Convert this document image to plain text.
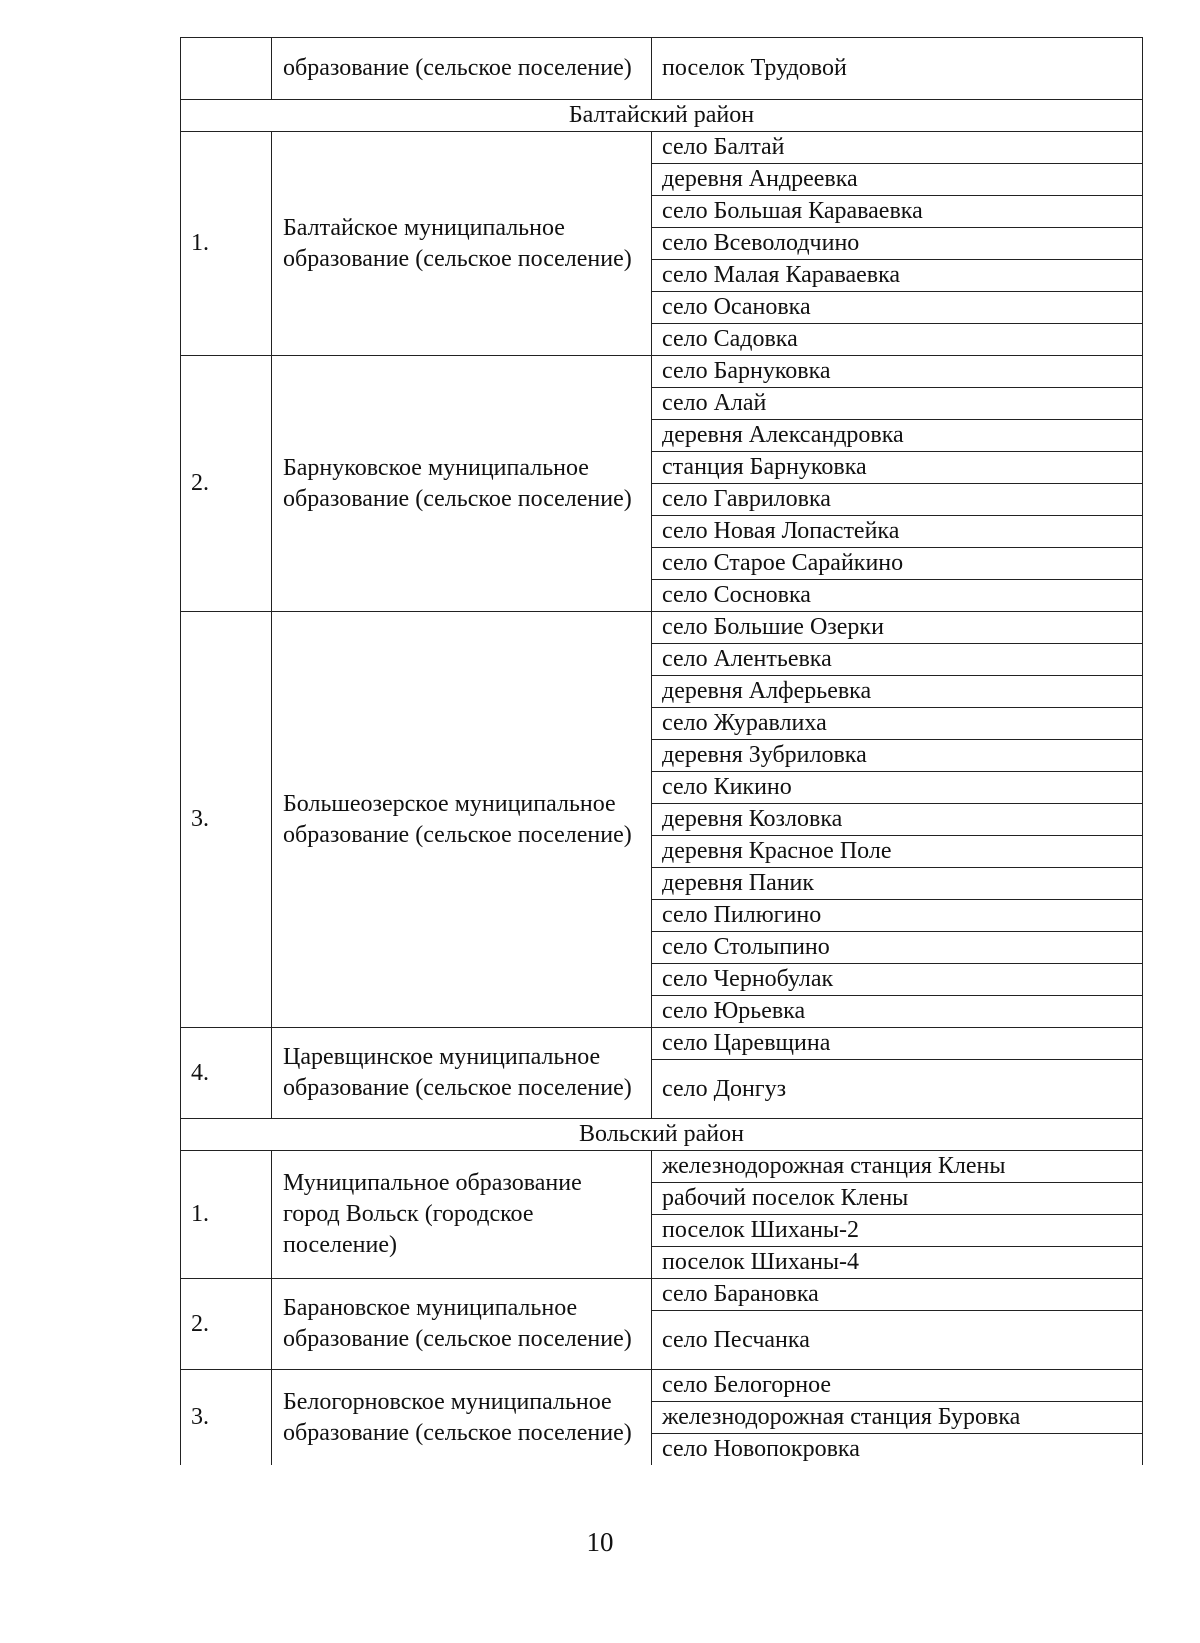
	образование (сельское поселение)	поселок Трудовой
Балтайский район		
1.	Балтайское муниципальное образование (сельское поселение)	село Балтай
		деревня Андреевка
		село Большая Караваевка
		село Всеволодчино
		село Малая Караваевка
		село Осановка
		село Садовка
2.	Барнуковское муниципальное образование (сельское поселение)	село Барнуковка
		село Алай
		деревня Александровка
		станция Барнуковка
		село Гавриловка
		село Новая Лопастейка
		село Старое Сарайкино
		село Сосновка
3.	Большеозерское муниципальное образование (сельское поселение)	село Большие Озерки
		село Алентьевка
		деревня Алферьевка
		село Журавлиха
		деревня Зубриловка
		село Кикино
		деревня Козловка
		деревня Красное Поле
		деревня Паник
		село Пилюгино
		село Столыпино
		село Чернобулак
		село Юрьевка
4.	Царевщинское муниципальное образование (сельское поселение)	село Царевщина
		село Донгуз
Вольский район		
1.	Муниципальное образование город Вольск (городское поселение)	железнодорожная станция Клены
		рабочий поселок Клены
		поселок Шиханы-2
		поселок Шиханы-4
2.	Барановское муниципальное образование (сельское поселение)	село Барановка
		село Песчанка
3.	Белогорновское муниципальное образование (сельское поселение)	село Белогорное
		железнодорожная станция Буровка
		село Новопокровка
10
